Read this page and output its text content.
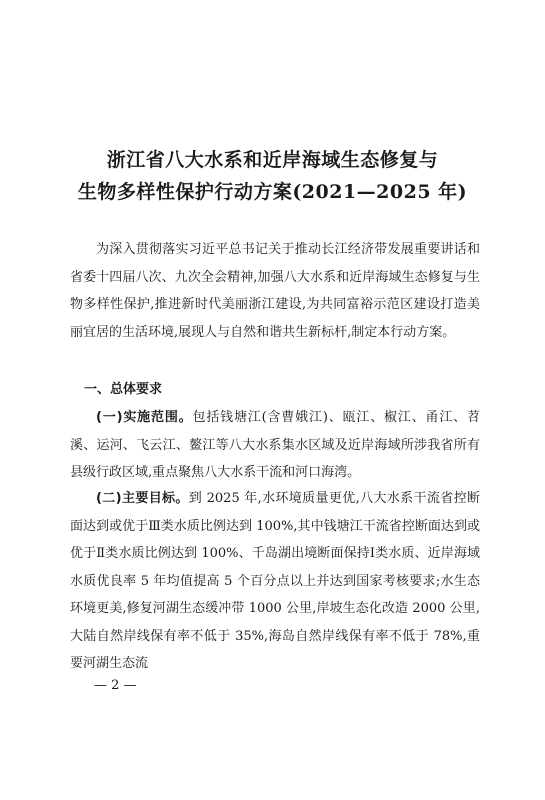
浙江省八大水系和近岸海域生态修复与
生物多样性保护行动方案(2021—2025 年)
为深入贯彻落实习近平总书记关于推动长江经济带发展重要讲话和省委十四届八次、九次全会精神,加强八大水系和近岸海域生态修复与生物多样性保护,推进新时代美丽浙江建设,为共同富裕示范区建设打造美丽宜居的生活环境,展现人与自然和谐共生新标杆,制定本行动方案。
一、总体要求
(一)实施范围。包括钱塘江(含曹娥江)、瓯江、椒江、甬江、苕溪、运河、飞云江、鳌江等八大水系集水区域及近岸海域所涉我省所有县级行政区域,重点聚焦八大水系干流和河口海湾。
(二)主要目标。到 2025 年,水环境质量更优,八大水系干流省控断面达到或优于Ⅲ类水质比例达到 100%,其中钱塘江干流省控断面达到或优于Ⅱ类水质比例达到 100%、千岛湖出境断面保持Ⅰ类水质、近岸海域水质优良率 5 年均值提高 5 个百分点以上并达到国家考核要求;水生态环境更美,修复河湖生态缓冲带 1000 公里,岸坡生态化改造 2000 公里,大陆自然岸线保有率不低于 35%,海岛自然岸线保有率不低于 78%,重要河湖生态流
— 2 —
